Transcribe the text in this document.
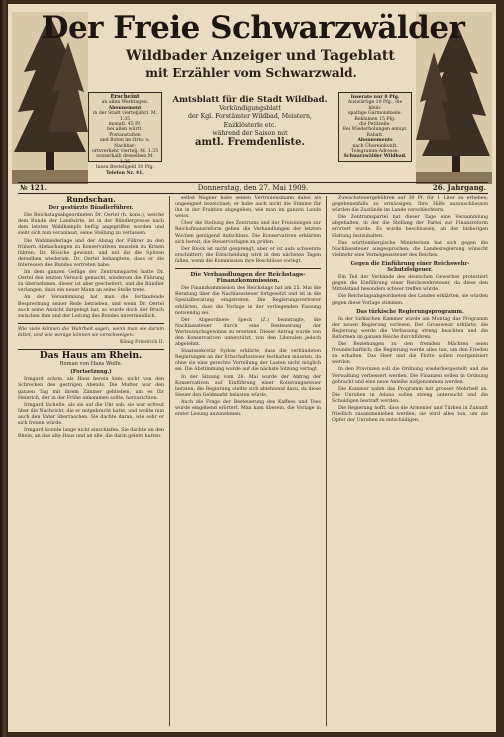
Der Freie Schwarzwälder
Wildbader Anzeiger und Tageblatt
mit Erzähler vom Schwarzwald.
Erscheint
an allen Werktagen.
Abonnement
in der Stadt vierteljährl. M. 1.35
monatl. 45 Pf.
bei allen württ. Postanstalten
und Boten im Orts- u. Nachbar-
ortsverkehr viertelj. M. 1.35
ausserhalb desselben M. 1.35
hiezu Bestellgeld 30 Pfg.
Telefon Nr. 41.
Amtsblatt für die Stadt Wildbad.
Verkündigungsblatt
der Kgl. Forstämter Wildbad, Meistern,
Enzklösterle etc.
während der Saison mit
amtl. Fremdenliste.
Inserate nur 8 Pfg.
Auswärtige 10 Pfg., die klein-
spaltige Garmondzeile.
Reklamen 15 Pfg.
die Petitzeile.
Bei Wiederholungen entspr.
Rabatt.
Abonnements
nach Übereinkunft.
Telegramm-Adresse:
Schwarzwälder Wildbad.
№ 121.	Donnerstag, den 27. Mai 1909.	26. Jahrgang.
Rundschau.
Der gestürzte Bündlerführer.

Die Reichstagsabgeordneten Dr. Oertel (h. kons.), welche dem Bunde der Landwirte, ist in der Bündlerpresse nach dem letzten Wahlkampfe heftig angegriffen worden und sieht sich nun veranlasst, seine Stellung zu verlassen.

Die Wahlniederlage und der Abzug der Führer zu den frühern Abmachungen zu Konservativen mussten zu Krisen führen; Dr. Rösicke gewinnt, und mit ihr die Spitzen derselben wiederum. Dr. Oertel behauptete, dass er die Interessen des Bundes vertreten habe.

Im dem ganzen Gefüge der Zentrumspartei hatte Dr. Oertel den letzten Versuch gemacht, wiederum die Führung zu übernehmen, dieser ist aber gescheitert, und die Bündler verlangen, dass ein neuer Mann an seine Stelle trete.

An der Versammlung hat man die fortlaufende Besprechung seiner Rede betrieben, und wenn Dr. Oertel auch seine Ansicht dargelegt hat, so wurde doch der Bruch zwischen ihm und der Leitung des Bundes unvermeidlich.

Wie viele können die Wahrheit sagen, wenn man sie darum bittet, und wie wenige können sie verschweigen.

König Friedrich II.

Das Haus am Rhein.
Roman von Hans Wolfe.
(Fortsetzung.)

Irmgard schrie, als Hans herein kam; nicht von den Schrecken des gestrigen Abends. Die Mutter war den ganzen Tag mit ihrem Zimmer geblieben, um es für Heinrich, der in der Frühe ankommen sollte, herzurichten.

Irmgard lächelte, als sie auf die Uhr sah, sie war erfreut über die Nachricht, die er mitgebracht hatte, und wollte nun auch den Vater überraschen. Sie dachte daran, wie sehr er sich freuen würde.

Irmgard konnte lange nicht einschlafen. Sie dachte an den Rhein, an das alte Haus und an alle, die darin gelebt hatten.

selbst Wagner habe seinen Vertrauensmann dabei als ungeeignet bezeichnet; er habe auch nicht die Stimme für ihn in der Fraktion abgegeben, wie man im ganzen Lande weiss.

Über die Stellung des Zentrums und der Freisinnigen zur Reichsfinanzreform geben die Verhandlungen der letzten Wochen genügend Aufschluss. Die Konservativen erklärten sich bereit, die Steuervorlagen zu prüfen.

Der Block ist nicht gesprengt, aber er ist aufs schwerste erschüttert; die Entscheidung wird in den nächsten Tagen fallen, wenn die Kommission ihre Beschlüsse vorlegt.

Die Verhandlungen der Reichstags-Finanzkommission.

Die Finanzkommission des Reichstags hat am 25. Mai die Beratung über die Nachlasssteuer fortgesetzt und ist in die Spezialberatung eingetreten. Die Regierungsvertreter erklärten, dass die Vorlage in der vorliegenden Fassung notwendig sei.

Der Abgeordnete Speck (Z.) beantragte, die Nachlasssteuer durch eine Besteuerung der Wertzuwachsgewinne zu ersetzen. Dieser Antrag wurde von den Konservativen unterstützt, von den Liberalen jedoch abgelehnt.

Staatssekretär Sydow erklärte, dass die verbündeten Regierungen an der Erbschaftssteuer festhalten müssten, da ohne sie eine gerechte Verteilung der Lasten nicht möglich sei. Die Abstimmung wurde auf die nächste Sitzung vertagt.

In der Sitzung vom 26. Mai wurde der Antrag der Konservativen auf Einführung einer Kotierungssteuer beraten; die Regierung stellte sich ablehnend dazu, da diese Steuer den Geldmarkt belasten würde.

Auch die Frage der Besteuerung des Kaffees und Tees wurde eingehend erörtert. Man kam überein, die Vorlage in erster Lesung anzunehmen.

Zuwachsteuergebühren auf 30 Pf. für 1 Liter zu erheben; gegebenenfalls zu ermässigen. Ihre Hilfe auszuschliessen würden die Zustände im Lande verschlechtern.

Die Zentrumspartei hat dieser Tage eine Versammlung abgehalten, in der die Stellung der Partei zur Finanzreform erörtert wurde. Es wurde beschlossen, an der bisherigen Haltung festzuhalten.

Das württembergische Ministerium hat sich gegen die Nachlasssteuer ausgesprochen; die Landesregierung wünscht vielmehr eine Vermögenssteuer des Reiches.

Gegen die Einführung einer Reichswehr-Schutzfolgeuer.

Ein Teil der Verbände des deutschen Gewerbes protestiert gegen die Einführung einer Reichswehrsteuer, da diese den Mittelstand besonders schwer treffen würde.

Die Reichstagsabgeordneten des Landes erklärten, sie würden gegen diese Vorlage stimmen.

Das türkische Regierungsprogramm.

In der türkischen Kammer wurde am Montag das Programm der neuen Regierung verlesen. Der Grosswesir erklärte, die Regierung werde die Verfassung streng beachten und die Reformen im ganzen Reiche durchführen.

Die Beziehungen zu den fremden Mächten seien freundschaftlich; die Regierung werde alles tun, um den Frieden zu erhalten. Das Heer und die Flotte sollen reorganisiert werden.

In den Provinzen soll die Ordnung wiederhergestellt und die Verwaltung verbessert werden. Die Finanzen sollen in Ordnung gebracht und eine neue Anleihe aufgenommen werden.

Die Kammer nahm das Programm mit grosser Mehrheit an. Die Unruhen in Adana sollen streng untersucht und die Schuldigen bestraft werden.

Die Regierung hofft, dass die Armenier und Türken in Zukunft friedlich zusammenleben werden; sie wird alles tun, um die Opfer der Unruhen zu entschädigen.
